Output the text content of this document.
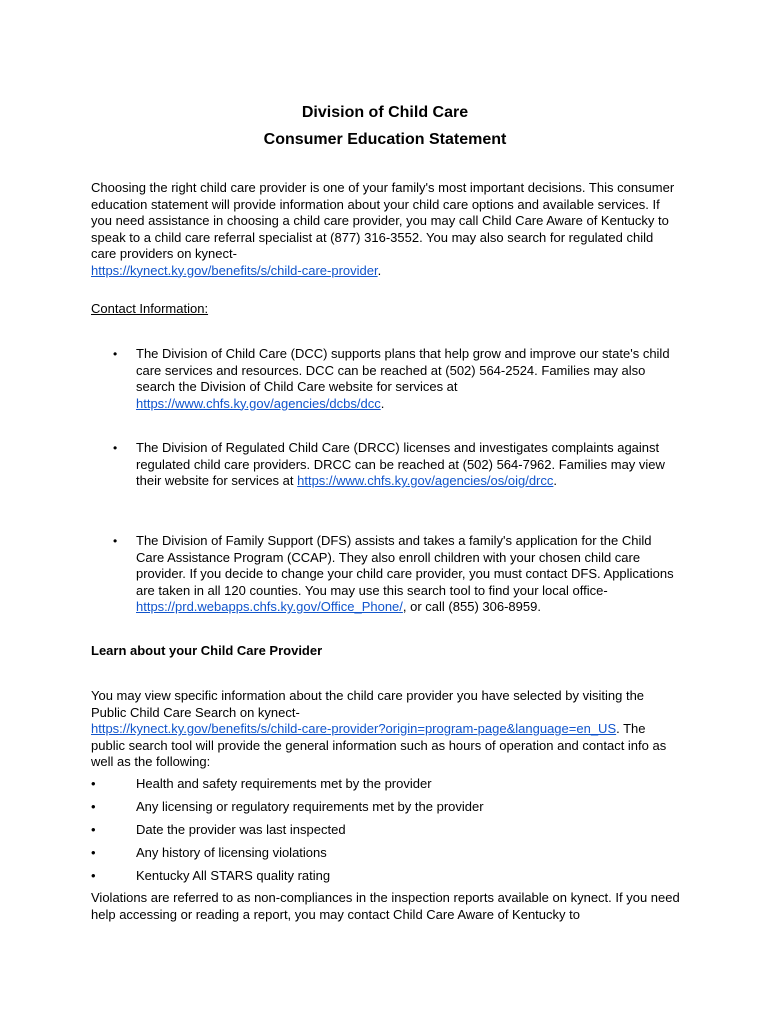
Division of Child Care
Consumer Education Statement

Choosing the right child care provider is one of your family's most important decisions. This consumer education statement will provide information about your child care options and available services. If you need assistance in choosing a child care provider, you may call Child Care Aware of Kentucky to speak to a child care referral specialist at (877) 316-3552. You may also search for regulated child care providers on kynect-
https://kynect.ky.gov/benefits/s/child-care-provider.

Contact Information:

•	The Division of Child Care (DCC) supports plans that help grow and improve our state's child care services and resources. DCC can be reached at (502) 564-2524. Families may also search the Division of Child Care website for services at https://www.chfs.ky.gov/agencies/dcbs/dcc.
•	The Division of Regulated Child Care (DRCC) licenses and investigates complaints against regulated child care providers. DRCC can be reached at (502) 564-7962. Families may view their website for services at https://www.chfs.ky.gov/agencies/os/oig/drcc.
•	The Division of Family Support (DFS) assists and takes a family's application for the Child Care Assistance Program (CCAP). They also enroll children with your chosen child care provider. If you decide to change your child care provider, you must contact DFS. Applications are taken in all 120 counties. You may use this search tool to find your local office- https://prd.webapps.chfs.ky.gov/Office_Phone/, or call (855) 306-8959.

Learn about your Child Care Provider

You may view specific information about the child care provider you have selected by visiting the Public Child Care Search on kynect-
https://kynect.ky.gov/benefits/s/child-care-provider?origin=program-page&language=en_US. The public search tool will provide the general information such as hours of operation and contact info as well as the following:

•	Health and safety requirements met by the provider
•	Any licensing or regulatory requirements met by the provider
•	Date the provider was last inspected
•	Any history of licensing violations
•	Kentucky All STARS quality rating

Violations are referred to as non-compliances in the inspection reports available on kynect. If you need help accessing or reading a report, you may contact Child Care Aware of Kentucky to
